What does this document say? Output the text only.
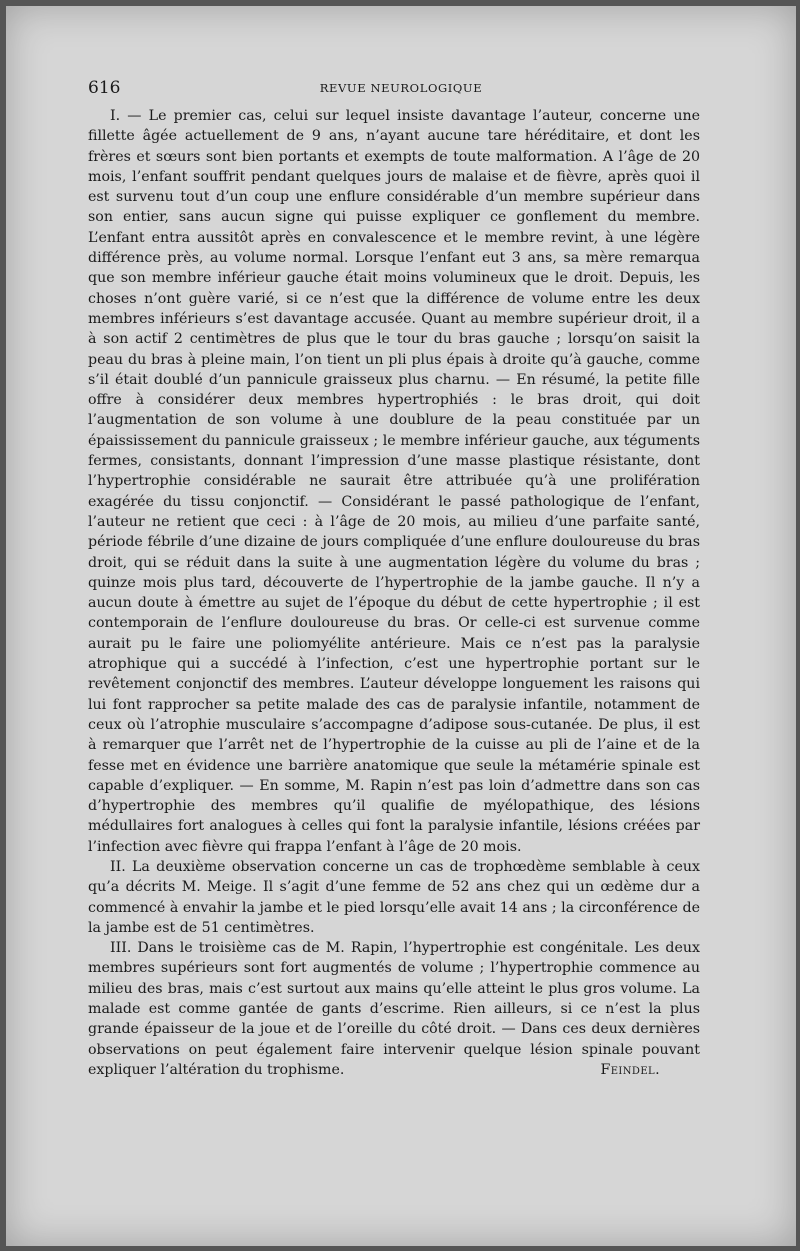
616	REVUE NEUROLOGIQUE

I. — Le premier cas, celui sur lequel insiste davantage l’auteur, concerne une fillette âgée actuellement de 9 ans, n’ayant aucune tare héréditaire, et dont les frères et sœurs sont bien portants et exempts de toute malformation. A l’âge de 20 mois, l’enfant souffrit pendant quelques jours de malaise et de fièvre, après quoi il est survenu tout d’un coup une enflure considérable d’un membre supérieur dans son entier, sans aucun signe qui puisse expliquer ce gonflement du membre. L’enfant entra aussitôt après en convalescence et le membre revint, à une légère différence près, au volume normal. Lorsque l’enfant eut 3 ans, sa mère remarqua que son membre inférieur gauche était moins volumineux que le droit. Depuis, les choses n’ont guère varié, si ce n’est que la différence de volume entre les deux membres inférieurs s’est davantage accusée. Quant au membre supérieur droit, il a à son actif 2 centimètres de plus que le tour du bras gauche ; lorsqu’on saisit la peau du bras à pleine main, l’on tient un pli plus épais à droite qu’à gauche, comme s’il était doublé d’un pannicule graisseux plus charnu. — En résumé, la petite fille offre à considérer deux membres hypertrophiés : le bras droit, qui doit l’augmentation de son volume à une doublure de la peau constituée par un épaississement du pannicule graisseux ; le membre inférieur gauche, aux téguments fermes, consistants, donnant l’impression d’une masse plastique résistante, dont l’hypertrophie considérable ne saurait être attribuée qu’à une prolifération exagérée du tissu conjonctif. — Considérant le passé pathologique de l’enfant, l’auteur ne retient que ceci : à l’âge de 20 mois, au milieu d’une parfaite santé, période fébrile d’une dizaine de jours compliquée d’une enflure douloureuse du bras droit, qui se réduit dans la suite à une augmentation légère du volume du bras ; quinze mois plus tard, découverte de l’hypertrophie de la jambe gauche. Il n’y a aucun doute à émettre au sujet de l’époque du début de cette hypertrophie ; il est contemporain de l’enflure douloureuse du bras. Or celle-ci est survenue comme aurait pu le faire une poliomyélite antérieure. Mais ce n’est pas la paralysie atrophique qui a succédé à l’infection, c’est une hypertrophie portant sur le revêtement conjonctif des membres. L’auteur développe longuement les raisons qui lui font rapprocher sa petite malade des cas de paralysie infantile, notamment de ceux où l’atrophie musculaire s’accompagne d’adipose sous-cutanée. De plus, il est à remarquer que l’arrêt net de l’hypertrophie de la cuisse au pli de l’aine et de la fesse met en évidence une barrière anatomique que seule la métamérie spinale est capable d’expliquer. — En somme, M. Rapin n’est pas loin d’admettre dans son cas d’hypertrophie des membres qu’il qualifie de myélopathique, des lésions médullaires fort analogues à celles qui font la paralysie infantile, lésions créées par l’infection avec fièvre qui frappa l’enfant à l’âge de 20 mois.

II. La deuxième observation concerne un cas de trophœdème semblable à ceux qu’a décrits M. Meige. Il s’agit d’une femme de 52 ans chez qui un œdème dur a commencé à envahir la jambe et le pied lorsqu’elle avait 14 ans ; la circonférence de la jambe est de 51 centimètres.

III. Dans le troisième cas de M. Rapin, l’hypertrophie est congénitale. Les deux membres supérieurs sont fort augmentés de volume ; l’hypertrophie commence au milieu des bras, mais c’est surtout aux mains qu’elle atteint le plus gros volume. La malade est comme gantée de gants d’escrime. Rien ailleurs, si ce n’est la plus grande épaisseur de la joue et de l’oreille du côté droit. — Dans ces deux dernières observations on peut également faire intervenir quelque lésion spinale pouvant expliquer l’altération du trophisme.	Feindel.
